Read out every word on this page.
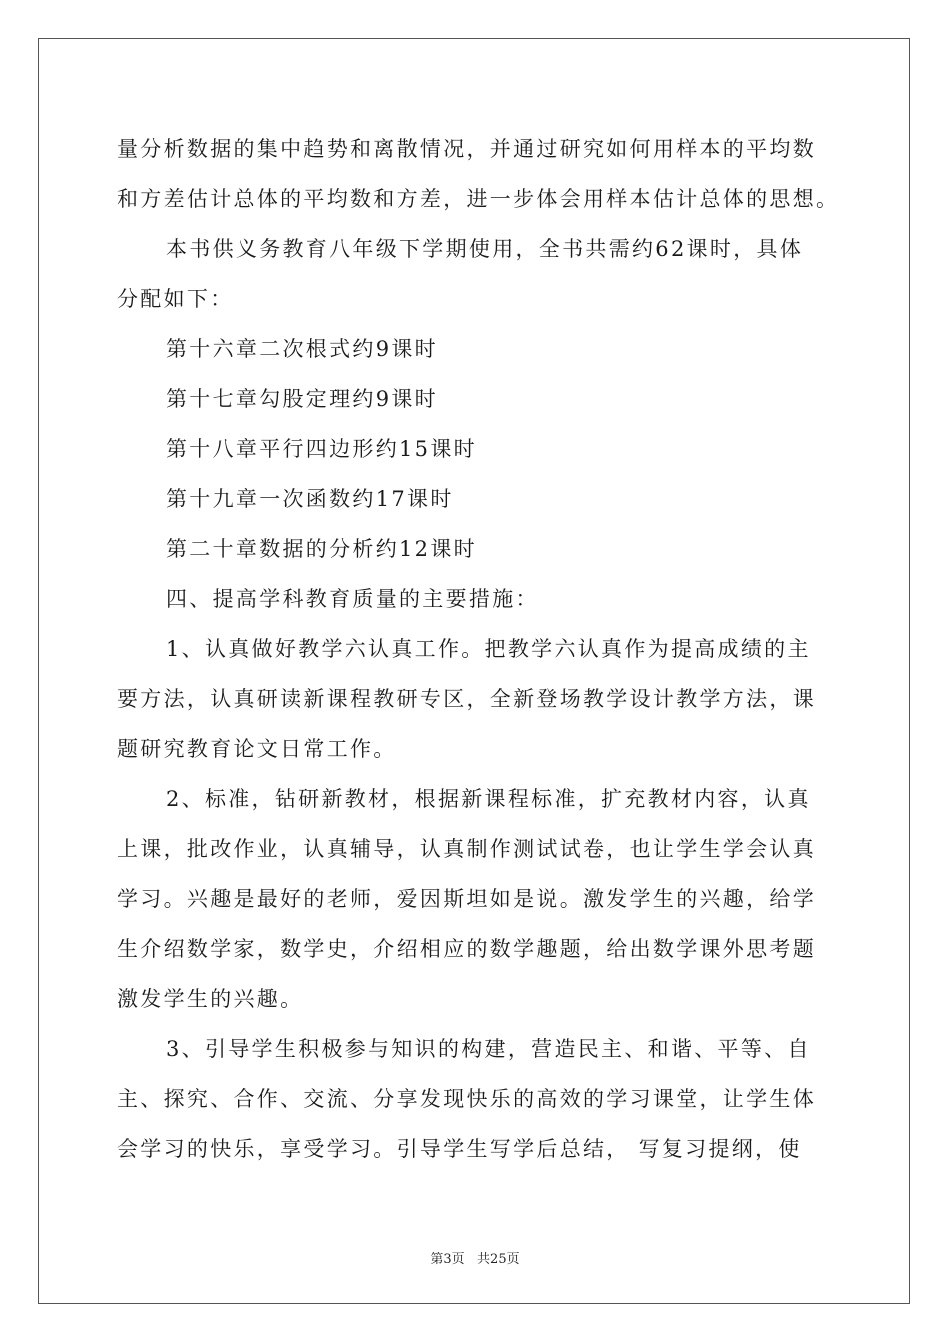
量分析数据的集中趋势和离散情况，并通过研究如何用样本的平均数
和方差估计总体的平均数和方差，进一步体会用样本估计总体的思想。
本书供义务教育八年级下学期使用，全书共需约62课时，具体
分配如下：
第十六章二次根式约9课时
第十七章勾股定理约9课时
第十八章平行四边形约15课时
第十九章一次函数约17课时
第二十章数据的分析约12课时
四、提高学科教育质量的主要措施：
1、认真做好教学六认真工作。把教学六认真作为提高成绩的主
要方法，认真研读新课程教研专区，全新登场教学设计教学方法，课
题研究教育论文日常工作。
2、标准，钻研新教材，根据新课程标准，扩充教材内容，认真
上课，批改作业，认真辅导，认真制作测试试卷，也让学生学会认真
学习。兴趣是最好的老师，爱因斯坦如是说。激发学生的兴趣，给学
生介绍数学家，数学史，介绍相应的数学趣题，给出数学课外思考题
激发学生的兴趣。
3、引导学生积极参与知识的构建，营造民主、和谐、平等、自
主、探究、合作、交流、分享发现快乐的高效的学习课堂，让学生体
会学习的快乐，享受学习。引导学生写学后总结， 写复习提纲，使
第3页   共25页
